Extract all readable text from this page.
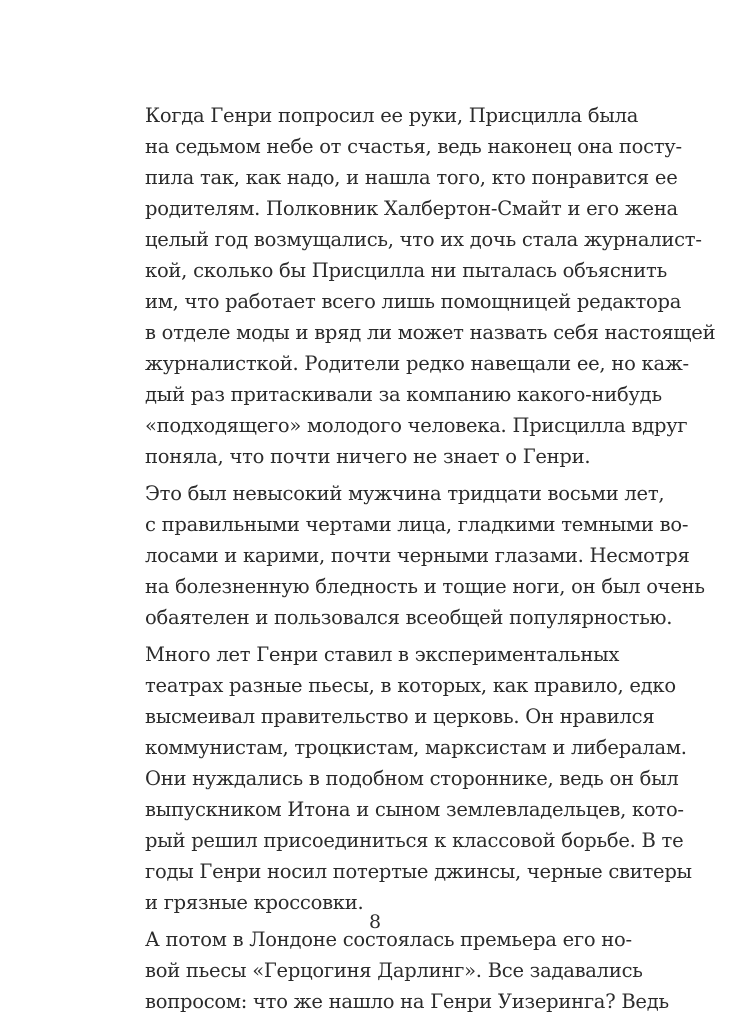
Когда Генри попросил ее руки, Присцилла была
на седьмом небе от счастья, ведь наконец она посту-
пила так, как надо, и нашла того, кто понравится ее
родителям. Полковник Халбертон-Смайт и его жена
целый год возмущались, что их дочь стала журналист-
кой, сколько бы Присцилла ни пыталась объяснить
им, что работает всего лишь помощницей редактора
в отделе моды и вряд ли может назвать себя настоящей
журналисткой. Родители редко навещали ее, но каж-
дый раз притаскивали за компанию какого-нибудь
«подходящего» молодого человека. Присцилла вдруг
поняла, что почти ничего не знает о Генри.
Это был невысокий мужчина тридцати восьми лет,
с правильными чертами лица, гладкими темными во-
лосами и карими, почти черными глазами. Несмотря
на болезненную бледность и тощие ноги, он был очень
обаятелен и пользовался всеобщей популярностью.
Много лет Генри ставил в экспериментальных
театрах разные пьесы, в которых, как правило, едко
высмеивал правительство и церковь. Он нравился
коммунистам, троцкистам, марксистам и либералам.
Они нуждались в подобном стороннике, ведь он был
выпускником Итона и сыном землевладельцев, кото-
рый решил присоединиться к классовой борьбе. В те
годы Генри носил потертые джинсы, черные свитеры
и грязные кроссовки.
А потом в Лондоне состоялась премьера его но-
вой пьесы «Герцогиня Дарлинг». Все задавались
вопросом: что же нашло на Генри Уизеринга? Ведь
8
